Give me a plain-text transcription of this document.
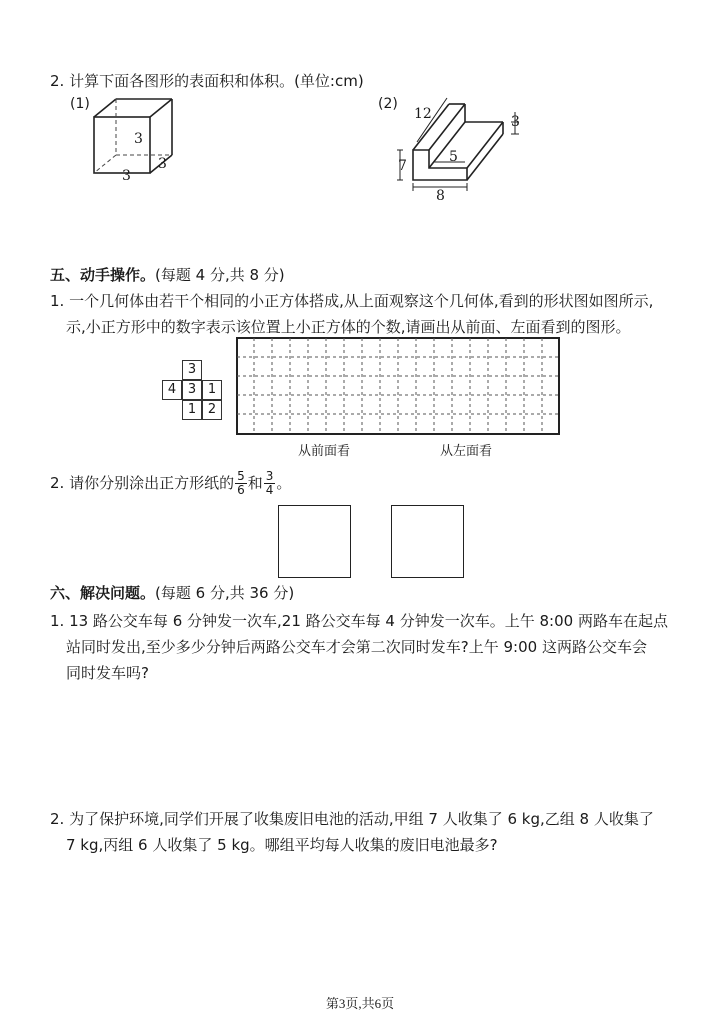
2. 计算下面各图形的表面积和体积。(单位:cm)
(1)
3
3
3
(2)
12	3
7
5
8
五、动手操作。(每题 4 分,共 8 分)
1. 一个几何体由若干个相同的小正方体搭成,从上面观察这个几何体,看到的形状图如图所示,
示,小正方形中的数字表示该位置上小正方体的个数,请画出从前面、左面看到的图形。
3
4 3 1
1 2
从前面看	从左面看
2. 请你分别涂出正方形纸的 $\frac{5}{6}$ 和 $\frac{3}{4}$ 。
六、解决问题。(每题 6 分,共 36 分)
1. 13 路公交车每 6 分钟发一次车,21 路公交车每 4 分钟发一次车。上午 8:00 两路车在起点
站同时发出,至少多少分钟后两路公交车才会第二次同时发车?上午 9:00 这两路公交车会
同时发车吗?
2. 为了保护环境,同学们开展了收集废旧电池的活动,甲组 7 人收集了 6 kg,乙组 8 人收集了
7 kg,丙组 6 人收集了 5 kg。哪组平均每人收集的废旧电池最多?
第3页,共6页
